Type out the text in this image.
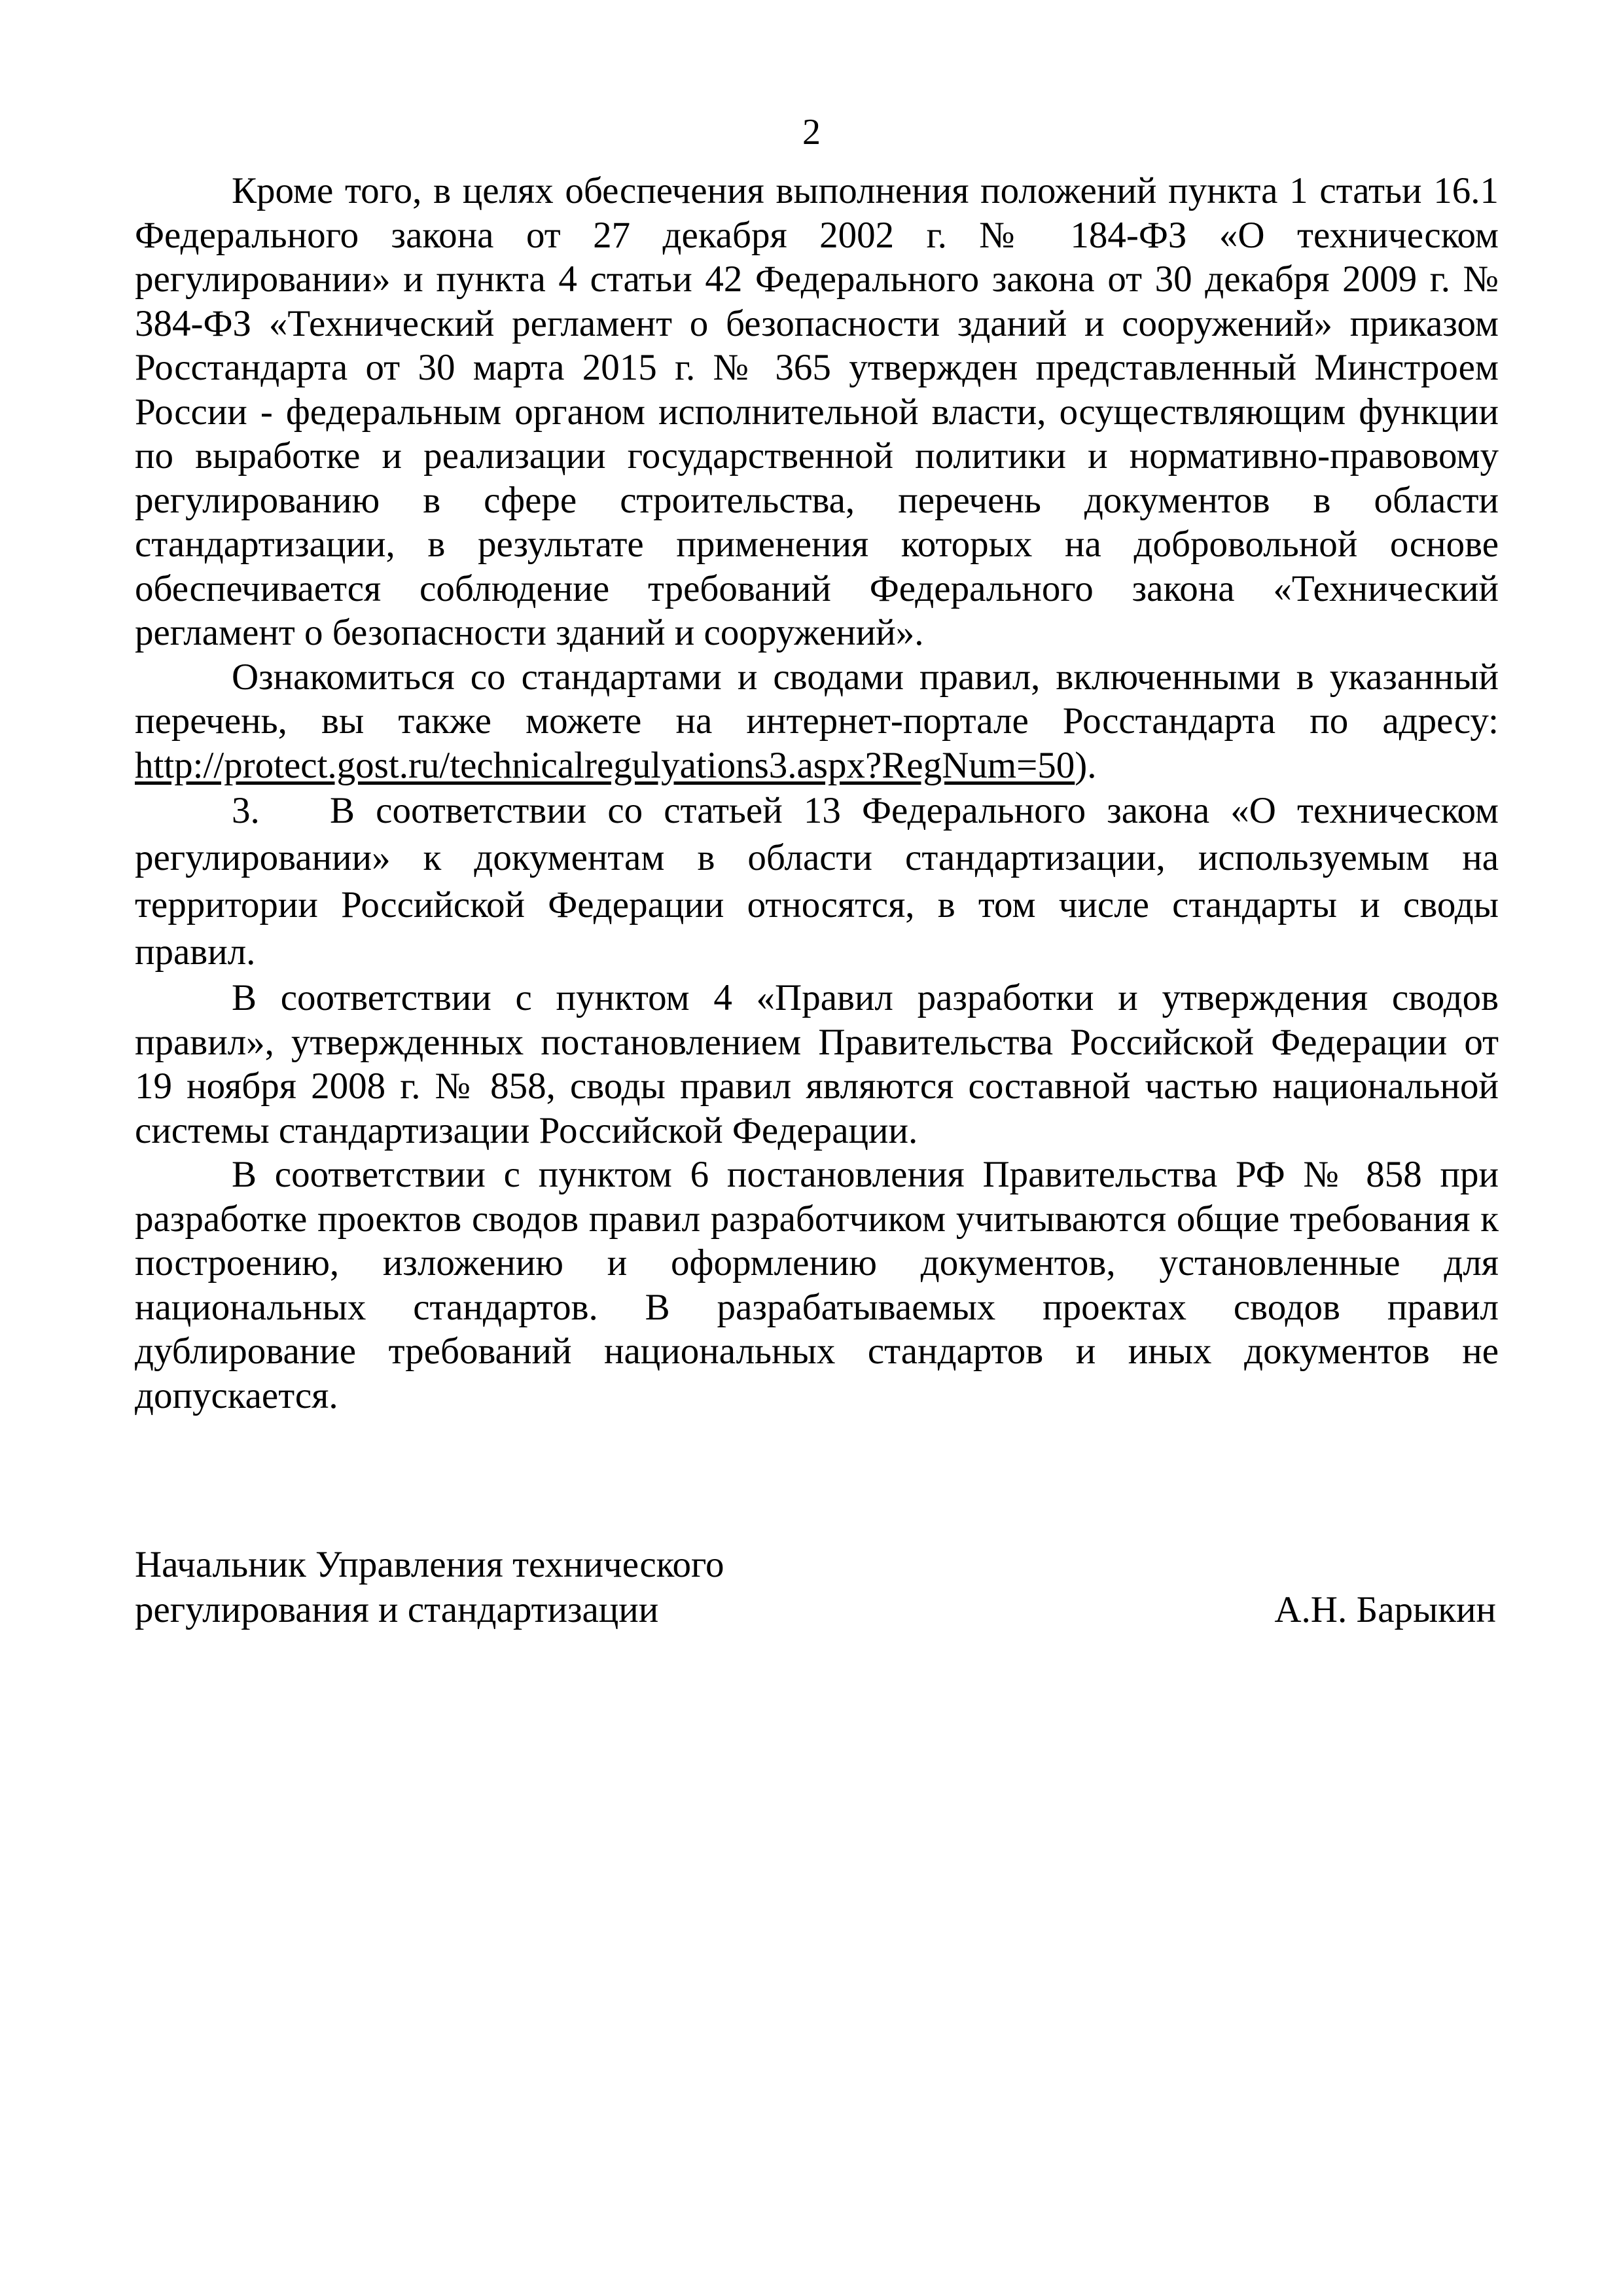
2

Кроме того, в целях обеспечения выполнения положений пункта 1 статьи 16.1 Федерального закона от 27 декабря 2002 г. № 184-ФЗ «О техническом регулировании» и пункта 4 статьи 42 Федерального закона от 30 декабря 2009 г. № 384-ФЗ «Технический регламент о безопасности зданий и сооружений» приказом Росстандарта от 30 марта 2015 г. № 365 утвержден представленный Минстроем России - федеральным органом исполнительной власти, осуществляющим функции по выработке и реализации государственной политики и нормативно-правовому регулированию в сфере строительства, перечень документов в области стандартизации, в результате применения которых на добровольной основе обеспечивается соблюдение требований Федерального закона «Технический регламент о безопасности зданий и сооружений».

Ознакомиться со стандартами и сводами правил, включенными в указанный перечень, вы также можете на интернет-портале Росстандарта по адресу: http://protect.gost.ru/technicalregulyations3.aspx?RegNum=50).

3. В соответствии со статьей 13 Федерального закона «О техническом регулировании» к документам в области стандартизации, используемым на территории Российской Федерации относятся, в том числе стандарты и своды правил.

В соответствии с пунктом 4 «Правил разработки и утверждения сводов правил», утвержденных постановлением Правительства Российской Федерации от 19 ноября 2008 г. № 858, своды правил являются составной частью национальной системы стандартизации Российской Федерации.

В соответствии с пунктом 6 постановления Правительства РФ № 858 при разработке проектов сводов правил разработчиком учитываются общие требования к построению, изложению и оформлению документов, установленные для национальных стандартов. В разрабатываемых проектах сводов правил дублирование требований национальных стандартов и иных документов не допускается.

Начальник Управления технического

регулирования и стандартизации	А.Н. Барыкин
